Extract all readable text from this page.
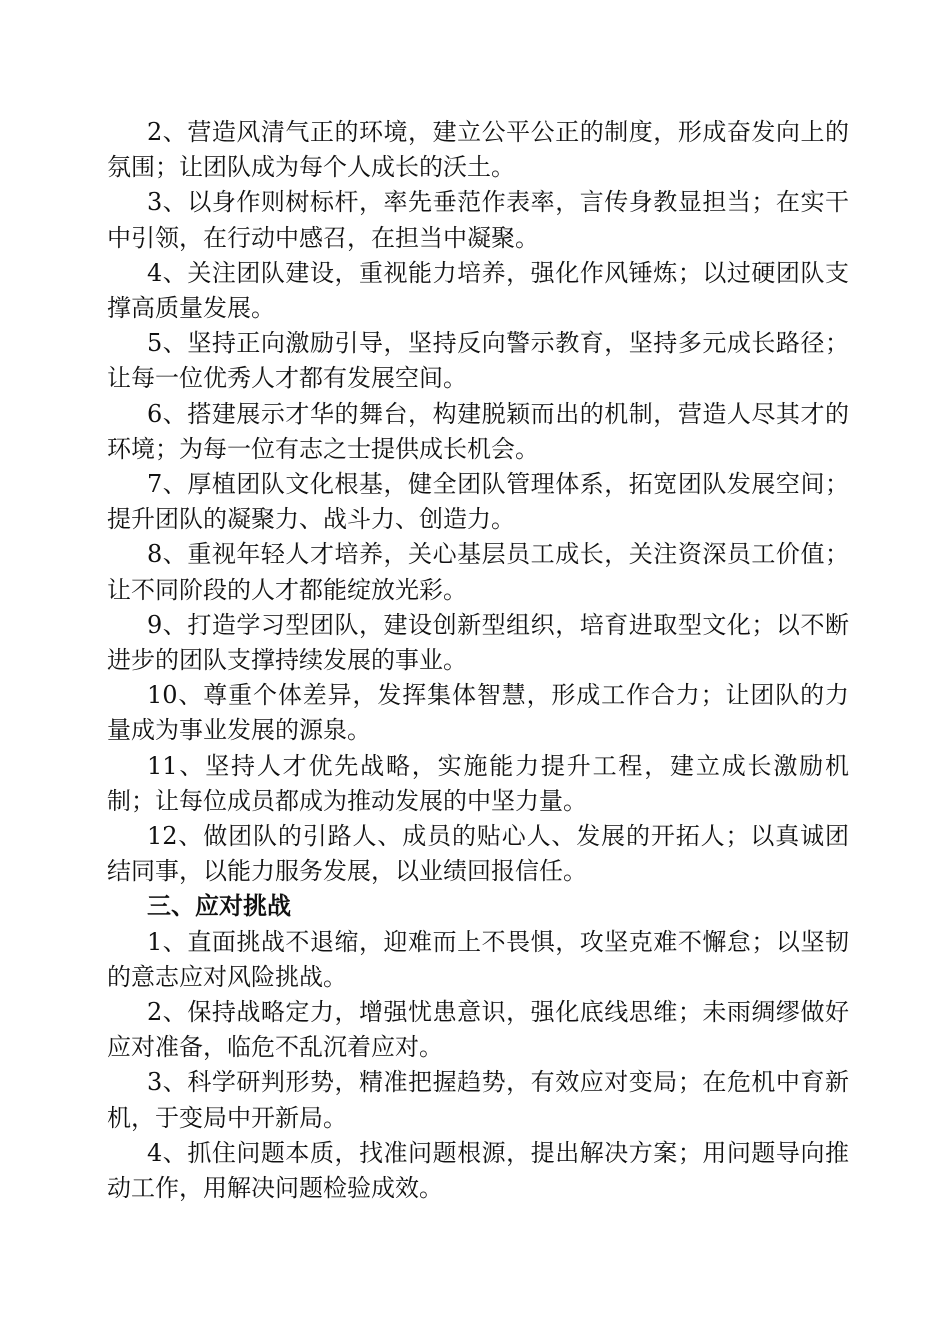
2、营造风清气正的环境，建立公平公正的制度，形成奋发向上的氛围；让团队成为每个人成长的沃土。

3、以身作则树标杆，率先垂范作表率，言传身教显担当；在实干中引领，在行动中感召，在担当中凝聚。

4、关注团队建设，重视能力培养，强化作风锤炼；以过硬团队支撑高质量发展。

5、坚持正向激励引导，坚持反向警示教育，坚持多元成长路径；让每一位优秀人才都有发展空间。

6、搭建展示才华的舞台，构建脱颖而出的机制，营造人尽其才的环境；为每一位有志之士提供成长机会。

7、厚植团队文化根基，健全团队管理体系，拓宽团队发展空间；提升团队的凝聚力、战斗力、创造力。

8、重视年轻人才培养，关心基层员工成长，关注资深员工价值；让不同阶段的人才都能绽放光彩。

9、打造学习型团队，建设创新型组织，培育进取型文化；以不断进步的团队支撑持续发展的事业。

10、尊重个体差异，发挥集体智慧，形成工作合力；让团队的力量成为事业发展的源泉。

11、坚持人才优先战略，实施能力提升工程，建立成长激励机制；让每位成员都成为推动发展的中坚力量。

12、做团队的引路人、成员的贴心人、发展的开拓人；以真诚团结同事，以能力服务发展，以业绩回报信任。

三、应对挑战

1、直面挑战不退缩，迎难而上不畏惧，攻坚克难不懈怠；以坚韧的意志应对风险挑战。

2、保持战略定力，增强忧患意识，强化底线思维；未雨绸缪做好应对准备，临危不乱沉着应对。

3、科学研判形势，精准把握趋势，有效应对变局；在危机中育新机，于变局中开新局。

4、抓住问题本质，找准问题根源，提出解决方案；用问题导向推动工作，用解决问题检验成效。
